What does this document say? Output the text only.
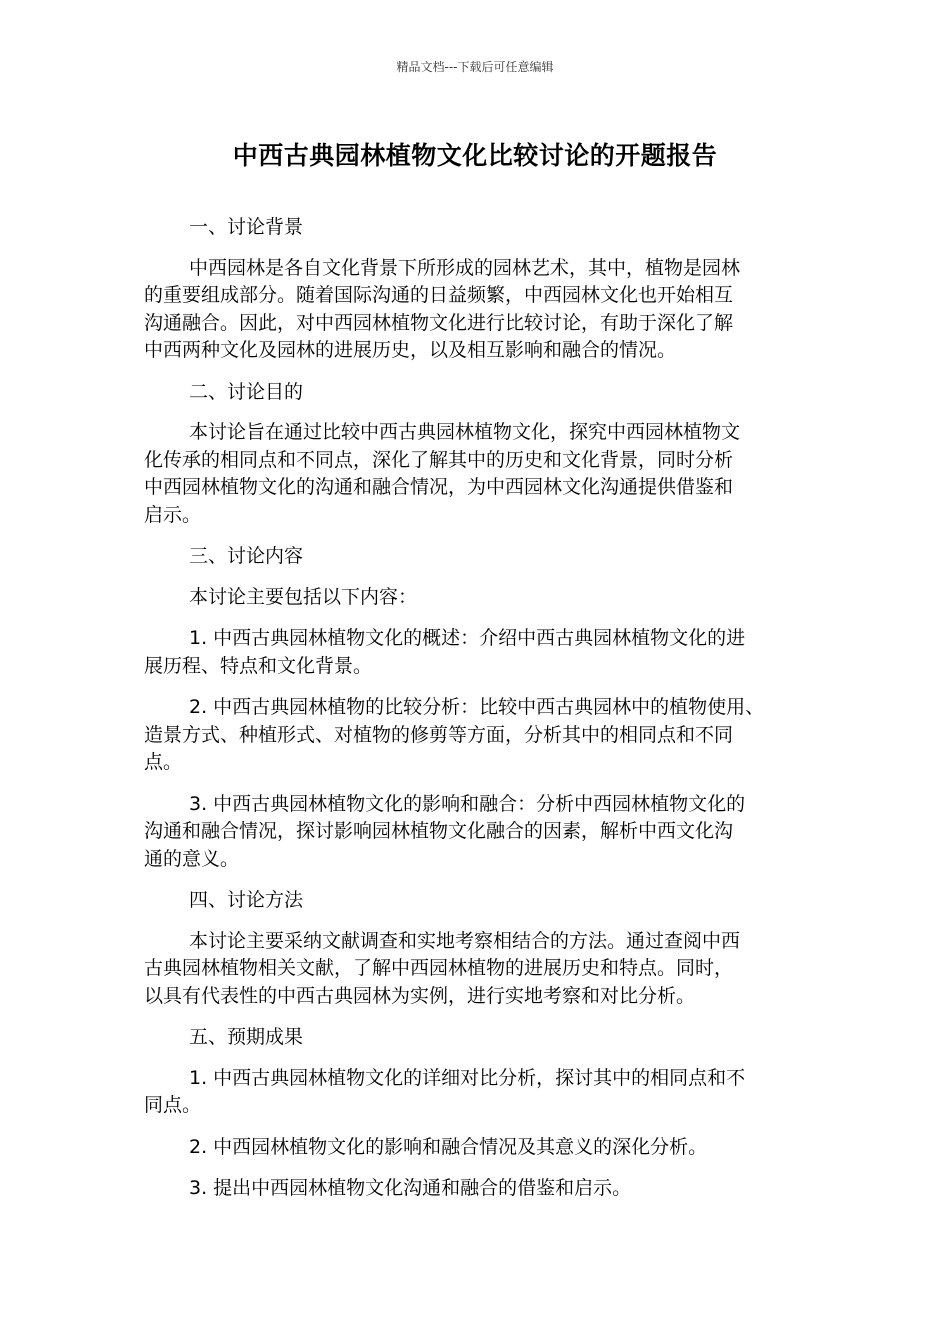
精品文档---下载后可任意编辑
中西古典园林植物文化比较讨论的开题报告

一、讨论背景

中西园林是各自文化背景下所形成的园林艺术，其中，植物是园林
的重要组成部分。随着国际沟通的日益频繁，中西园林文化也开始相互
沟通融合。因此，对中西园林植物文化进行比较讨论，有助于深化了解
中西两种文化及园林的进展历史，以及相互影响和融合的情况。

二、讨论目的

本讨论旨在通过比较中西古典园林植物文化，探究中西园林植物文
化传承的相同点和不同点，深化了解其中的历史和文化背景，同时分析
中西园林植物文化的沟通和融合情况，为中西园林文化沟通提供借鉴和
启示。

三、讨论内容

本讨论主要包括以下内容：

1. 中西古典园林植物文化的概述：介绍中西古典园林植物文化的进
展历程、特点和文化背景。

2. 中西古典园林植物的比较分析：比较中西古典园林中的植物使用、
造景方式、种植形式、对植物的修剪等方面，分析其中的相同点和不同
点。

3. 中西古典园林植物文化的影响和融合：分析中西园林植物文化的
沟通和融合情况，探讨影响园林植物文化融合的因素，解析中西文化沟
通的意义。

四、讨论方法

本讨论主要采纳文献调查和实地考察相结合的方法。通过查阅中西
古典园林植物相关文献，了解中西园林植物的进展历史和特点。同时，
以具有代表性的中西古典园林为实例，进行实地考察和对比分析。

五、预期成果

1. 中西古典园林植物文化的详细对比分析，探讨其中的相同点和不
同点。

2. 中西园林植物文化的影响和融合情况及其意义的深化分析。

3. 提出中西园林植物文化沟通和融合的借鉴和启示。
